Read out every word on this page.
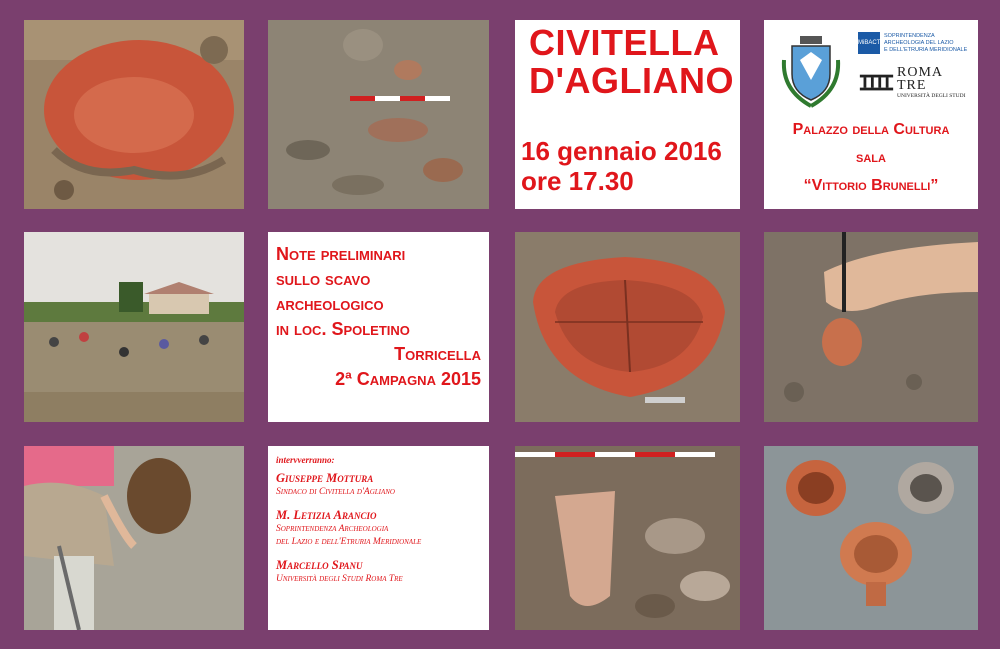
CIVITELLA
D'AGLIANO
16 gennaio 2016
ore 17.30
MiBACT
SOPRINTENDENZA
ARCHEOLOGIA DEL LAZIO
E DELL'ETRURIA MERIDIONALE
ROMA TRE
UNIVERSITÀ DEGLI STUDI
Palazzo della Cultura
sala
“Vittorio Brunelli”
Note preliminari
sullo scavo
archeologico
in loc. Spoletino
Torricella
2ª Campagna 2015
intervverranno:
Giuseppe Mottura
Sindaco di Civitella d'Agliano
M. Letizia Arancio
Soprintendenza Archeologia
del Lazio e dell'Etruria Meridionale
Marcello Spanu
Università degli Studi Roma Tre
